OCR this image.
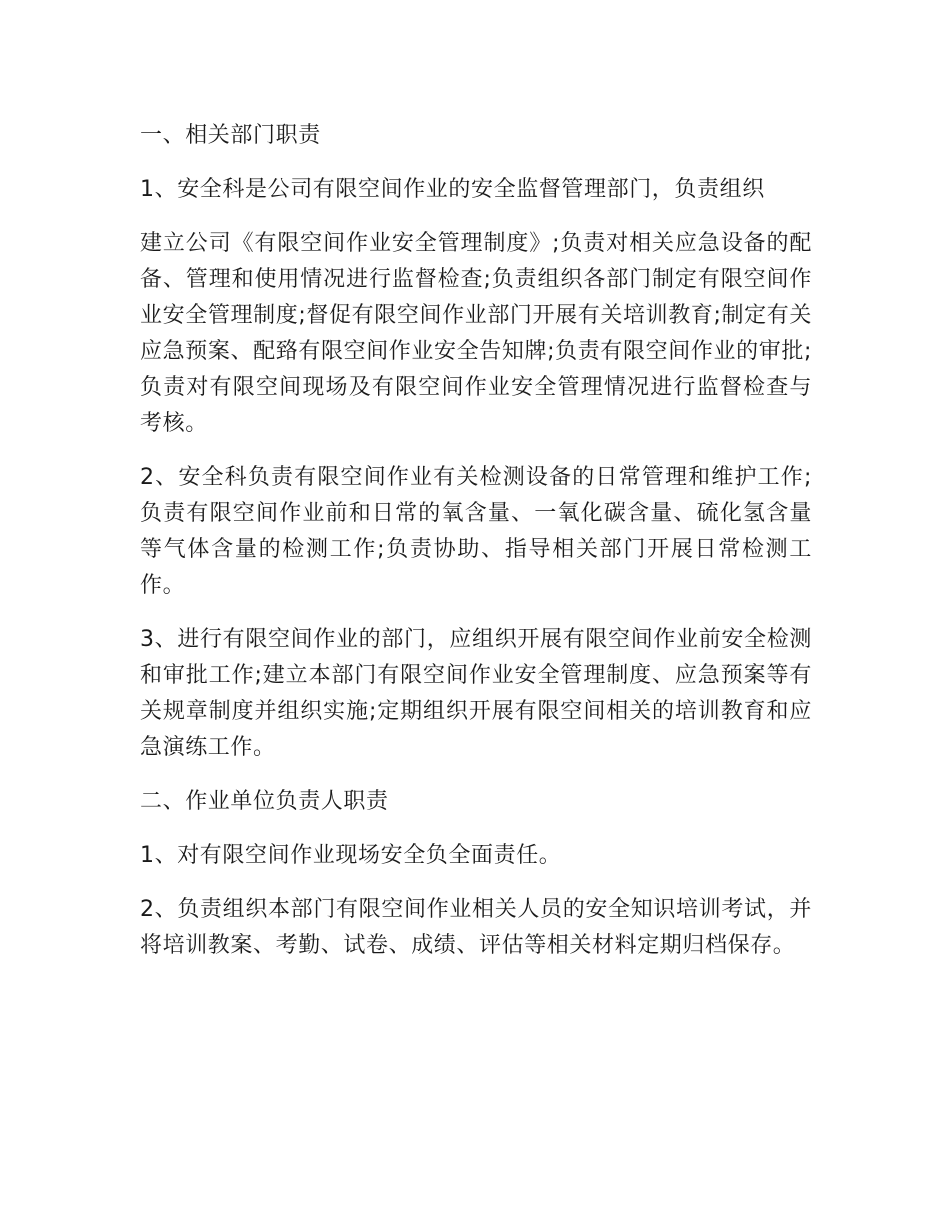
一、相关部门职责

1、安全科是公司有限空间作业的安全监督管理部门，负责组织

建立公司《有限空间作业安全管理制度》;负责对相关应急设备的配备、管理和使用情况进行监督检查;负责组织各部门制定有限空间作业安全管理制度;督促有限空间作业部门开展有关培训教育;制定有关应急预案、配臵有限空间作业安全告知牌;负责有限空间作业的审批;负责对有限空间现场及有限空间作业安全管理情况进行监督检查与考核。

2、安全科负责有限空间作业有关检测设备的日常管理和维护工作;负责有限空间作业前和日常的氧含量、一氧化碳含量、硫化氢含量等气体含量的检测工作;负责协助、指导相关部门开展日常检测工作。

3、进行有限空间作业的部门，应组织开展有限空间作业前安全检测和审批工作;建立本部门有限空间作业安全管理制度、应急预案等有关规章制度并组织实施;定期组织开展有限空间相关的培训教育和应急演练工作。

二、作业单位负责人职责

1、对有限空间作业现场安全负全面责任。

2、负责组织本部门有限空间作业相关人员的安全知识培训考试，并将培训教案、考勤、试卷、成绩、评估等相关材料定期归档保存。
